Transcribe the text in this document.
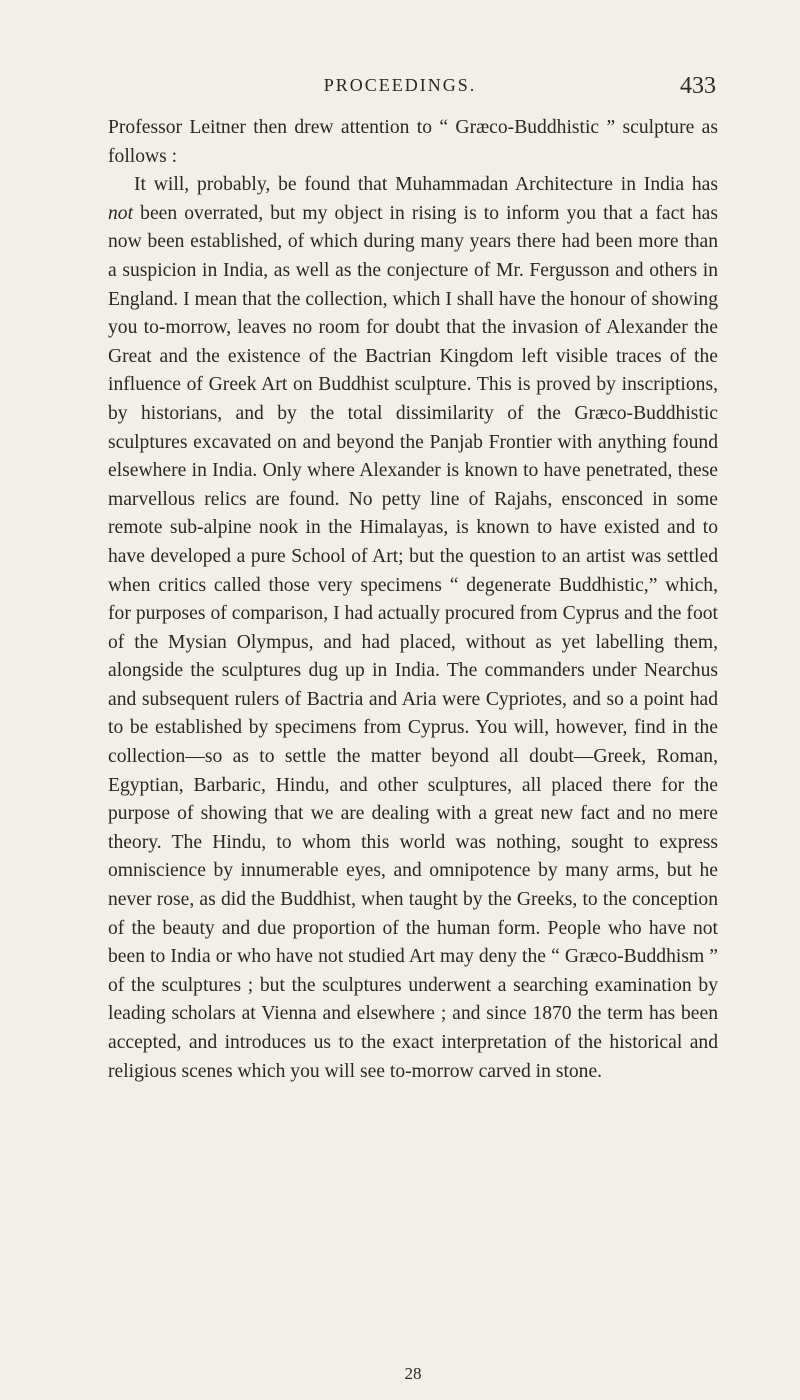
PROCEEDINGS.	433

Professor Leitner then drew attention to “ Græco-Buddhistic ” sculpture as follows :

It will, probably, be found that Muhammadan Architecture in India has not been overrated, but my object in rising is to inform you that a fact has now been established, of which during many years there had been more than a suspicion in India, as well as the conjecture of Mr. Fergusson and others in England. I mean that the collection, which I shall have the honour of showing you to-morrow, leaves no room for doubt that the invasion of Alexander the Great and the existence of the Bactrian Kingdom left visible traces of the influence of Greek Art on Buddhist sculpture. This is proved by inscriptions, by historians, and by the total dissimilarity of the Græco-Buddhistic sculptures excavated on and beyond the Panjab Frontier with anything found elsewhere in India. Only where Alexander is known to have penetrated, these marvellous relics are found. No petty line of Rajahs, ensconced in some remote sub-alpine nook in the Himalayas, is known to have existed and to have developed a pure School of Art; but the question to an artist was settled when critics called those very specimens “ degenerate Buddhistic,” which, for purposes of comparison, I had actually procured from Cyprus and the foot of the Mysian Olympus, and had placed, without as yet labelling them, alongside the sculptures dug up in India. The commanders under Nearchus and subsequent rulers of Bactria and Aria were Cypriotes, and so a point had to be established by specimens from Cyprus. You will, however, find in the collection—so as to settle the matter beyond all doubt—Greek, Roman, Egyptian, Barbaric, Hindu, and other sculptures, all placed there for the purpose of showing that we are dealing with a great new fact and no mere theory. The Hindu, to whom this world was nothing, sought to express omniscience by innumerable eyes, and omnipotence by many arms, but he never rose, as did the Buddhist, when taught by the Greeks, to the conception of the beauty and due proportion of the human form. People who have not been to India or who have not studied Art may deny the “ Græco-Buddhism ” of the sculptures ; but the sculptures underwent a searching examination by leading scholars at Vienna and elsewhere ; and since 1870 the term has been accepted, and introduces us to the exact interpretation of the historical and religious scenes which you will see to-morrow carved in stone.

28
